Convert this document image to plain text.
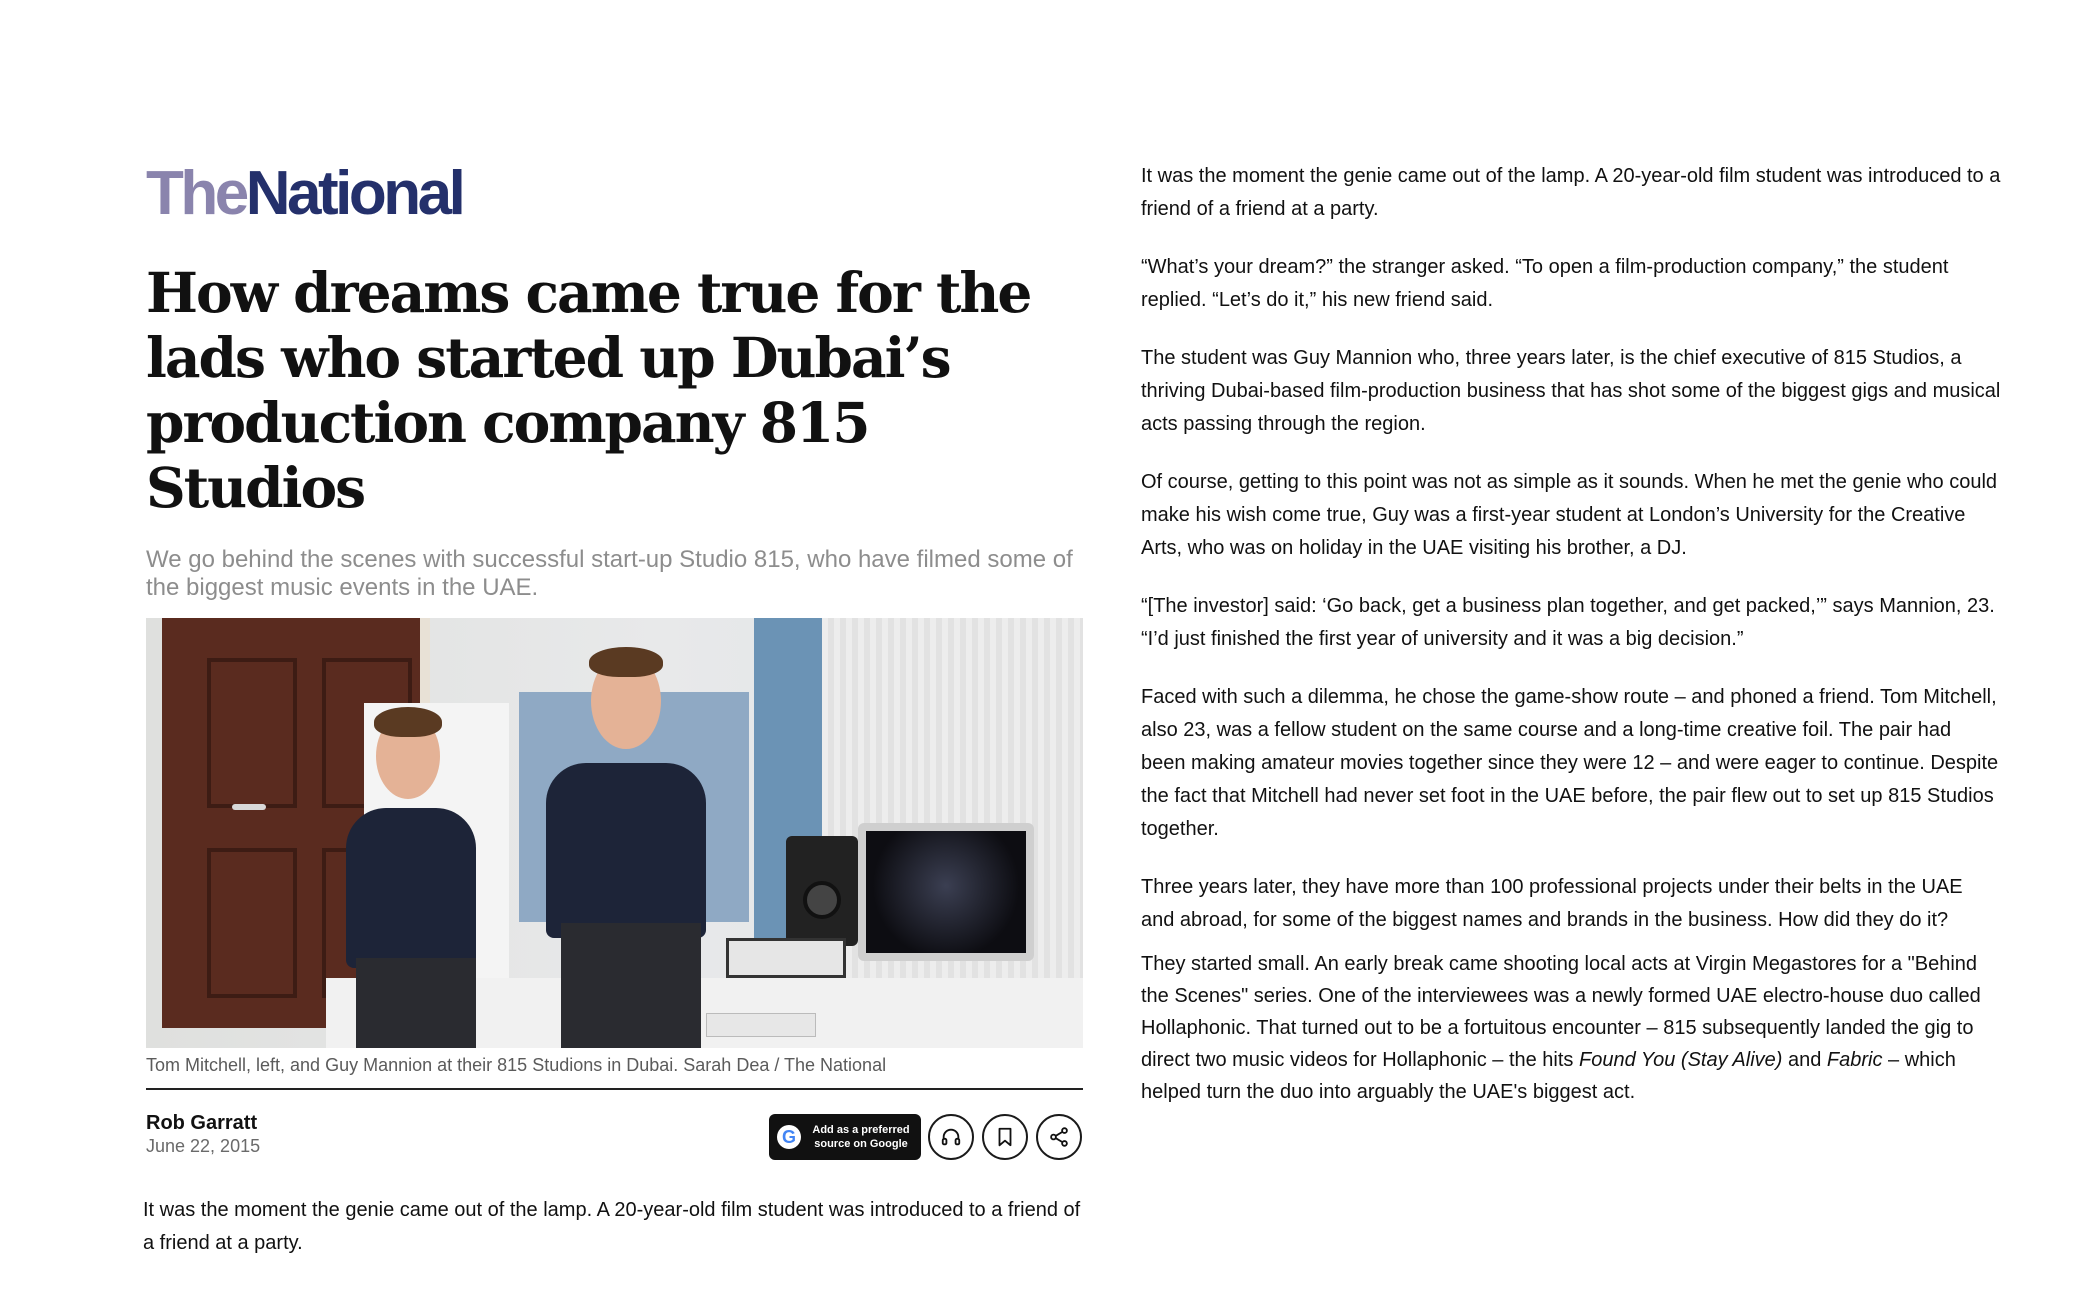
TheNational
How dreams came true for the lads who started up Dubai’s production company 815 Studios
We go behind the scenes with successful start-up Studio 815, who have filmed some of the biggest music events in the UAE.
Tom Mitchell, left, and Guy Mannion at their 815 Studions in Dubai. Sarah Dea / The National
Rob Garratt
June 22, 2015	G	Add as a preferred source on Google

It was the moment the genie came out of the lamp. A 20-year-old film student was introduced to a friend of a friend at a party.

It was the moment the genie came out of the lamp. A 20-year-old film student was introduced to a friend of a friend at a party.

“What’s your dream?” the stranger asked. “To open a film-production company,” the student replied. “Let’s do it,” his new friend said.

The student was Guy Mannion who, three years later, is the chief executive of 815 Studios, a thriving Dubai-based film-production business that has shot some of the biggest gigs and musical acts passing through the region.

Of course, getting to this point was not as simple as it sounds. When he met the genie who could make his wish come true, Guy was a first-year student at London’s University for the Creative Arts, who was on holiday in the UAE visiting his brother, a DJ.

“[The investor] said: ‘Go back, get a business plan together, and get packed,’” says Mannion, 23. “I’d just finished the first year of university and it was a big decision.”

Faced with such a dilemma, he chose the game-show route – and phoned a friend. Tom Mitchell, also 23, was a fellow student on the same course and a long-time creative foil. The pair had been making amateur movies together since they were 12 – and were eager to continue. Despite the fact that Mitchell had never set foot in the UAE before, the pair flew out to set up 815 Studios together.

Three years later, they have more than 100 professional projects under their belts in the UAE and abroad, for some of the biggest names and brands in the business. How did they do it?

They started small. An early break came shooting local acts at Virgin Megastores for a "Behind the Scenes" series. One of the interviewees was a newly formed UAE electro-house duo called Hollaphonic. That turned out to be a fortuitous encounter – 815 subsequently landed the gig to direct two music videos for Hollaphonic – the hits Found You (Stay Alive) and Fabric – which helped turn the duo into arguably the UAE's biggest act.
